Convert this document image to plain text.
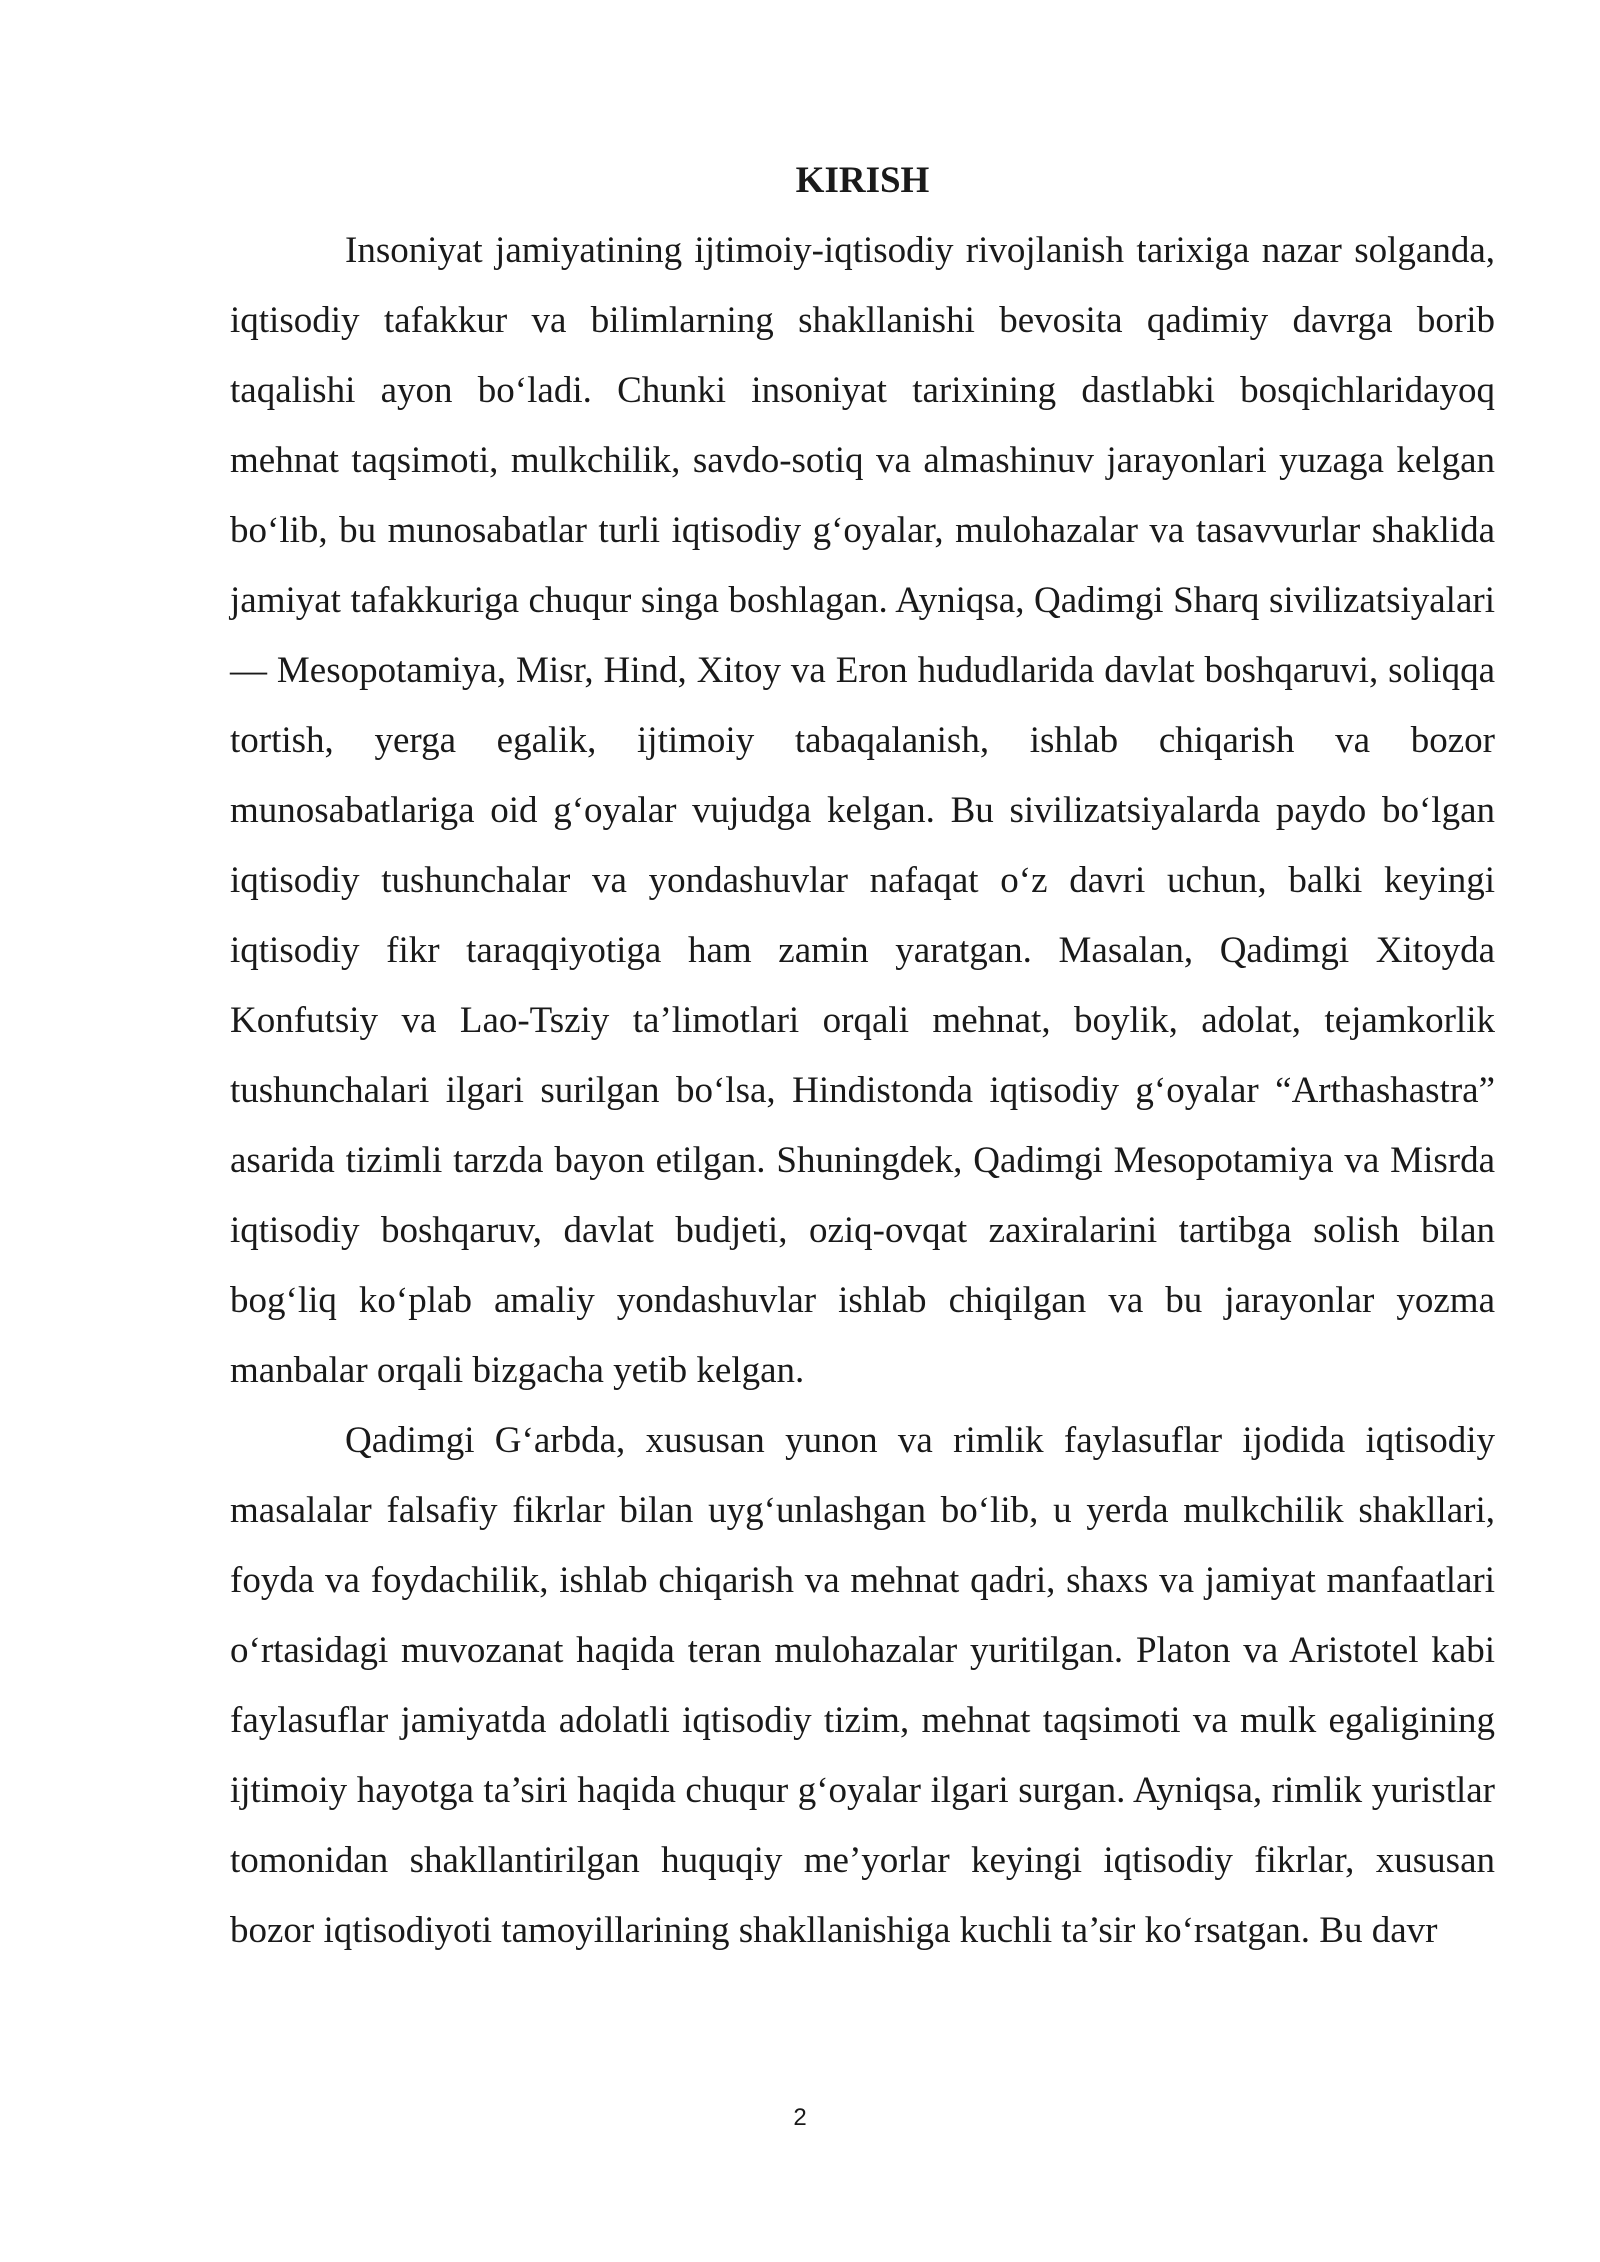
KIRISH

Insoniyat jamiyatining ijtimoiy-iqtisodiy rivojlanish tarixiga nazar solganda, iqtisodiy tafakkur va bilimlarning shakllanishi bevosita qadimiy davrga borib taqalishi ayon bo‘ladi. Chunki insoniyat tarixining dastlabki bosqichlaridayoq mehnat taqsimoti, mulkchilik, savdo-sotiq va almashinuv jarayonlari yuzaga kelgan bo‘lib, bu munosabatlar turli iqtisodiy g‘oyalar, mulohazalar va tasavvurlar shaklida jamiyat tafakkuriga chuqur singa boshlagan. Ayniqsa, Qadimgi Sharq sivilizatsiyalari — Mesopotamiya, Misr, Hind, Xitoy va Eron hududlarida davlat boshqaruvi, soliqqa tortish, yerga egalik, ijtimoiy tabaqalanish, ishlab chiqarish va bozor munosabatlariga oid g‘oyalar vujudga kelgan. Bu sivilizatsiyalarda paydo bo‘lgan iqtisodiy tushunchalar va yondashuvlar nafaqat o‘z davri uchun, balki keyingi iqtisodiy fikr taraqqiyotiga ham zamin yaratgan. Masalan, Qadimgi Xitoyda Konfutsiy va Lao-Tsziy ta’limotlari orqali mehnat, boylik, adolat, tejamkorlik tushunchalari ilgari surilgan bo‘lsa, Hindistonda iqtisodiy g‘oyalar “Arthashastra” asarida tizimli tarzda bayon etilgan. Shuningdek, Qadimgi Mesopotamiya va Misrda iqtisodiy boshqaruv, davlat budjeti, oziq-ovqat zaxiralarini tartibga solish bilan bog‘liq ko‘plab amaliy yondashuvlar ishlab chiqilgan va bu jarayonlar yozma manbalar orqali bizgacha yetib kelgan.

Qadimgi G‘arbda, xususan yunon va rimlik faylasuflar ijodida iqtisodiy masalalar falsafiy fikrlar bilan uyg‘unlashgan bo‘lib, u yerda mulkchilik shakllari, foyda va foydachilik, ishlab chiqarish va mehnat qadri, shaxs va jamiyat manfaatlari o‘rtasidagi muvozanat haqida teran mulohazalar yuritilgan. Platon va Aristotel kabi faylasuflar jamiyatda adolatli iqtisodiy tizim, mehnat taqsimoti va mulk egaligining ijtimoiy hayotga ta’siri haqida chuqur g‘oyalar ilgari surgan. Ayniqsa, rimlik yuristlar tomonidan shakllantirilgan huquqiy me’yorlar keyingi iqtisodiy fikrlar, xususan bozor iqtisodiyoti tamoyillarining shakllanishiga kuchli ta’sir ko‘rsatgan. Bu davr

2
